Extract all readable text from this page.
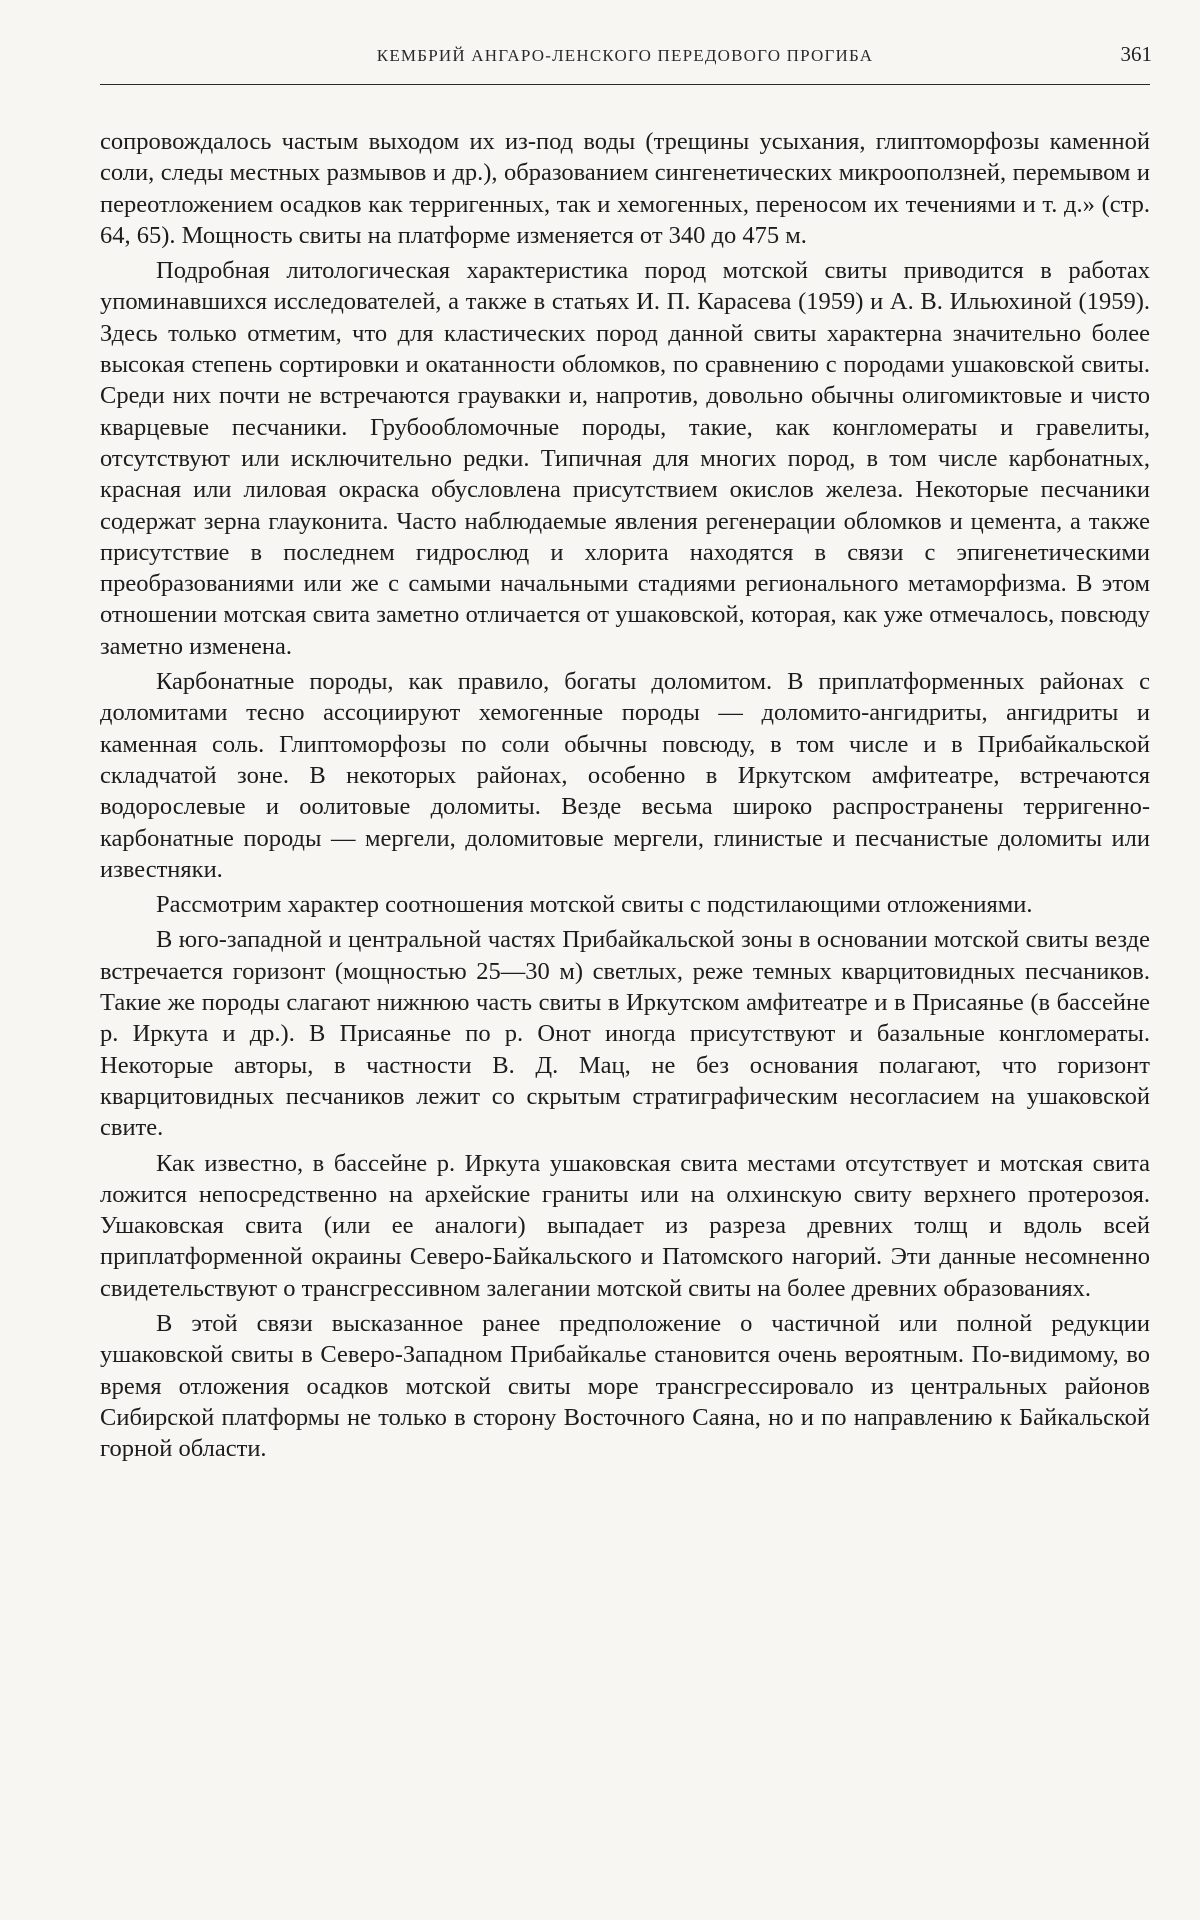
КЕМБРИЙ АНГАРО-ЛЕНСКОГО ПЕРЕДОВОГО ПРОГИБА	361

сопровождалось частым выходом их из-под воды (трещины усыхания, глиптоморфозы каменной соли, следы местных размывов и др.), образованием сингенетических микрооползней, перемывом и переотложением осадков как терригенных, так и хемогенных, переносом их течениями и т. д.» (стр. 64, 65). Мощность свиты на платформе изменяется от 340 до 475 м.

Подробная литологическая характеристика пород мотской свиты приводится в работах упоминавшихся исследователей, а также в статьях И. П. Карасева (1959) и А. В. Ильюхиной (1959). Здесь только отметим, что для кластических пород данной свиты характерна значительно более высокая степень сортировки и окатанности обломков, по сравнению с породами ушаковской свиты. Среди них почти не встречаются граувакки и, напротив, довольно обычны олигомиктовые и чисто кварцевые песчаники. Грубообломочные породы, такие, как конгломераты и гравелиты, отсутствуют или исключительно редки. Типичная для многих пород, в том числе карбонатных, красная или лиловая окраска обусловлена присутствием окислов железа. Некоторые песчаники содержат зерна глауконита. Часто наблюдаемые явления регенерации обломков и цемента, а также присутствие в последнем гидрослюд и хлорита находятся в связи с эпигенетическими преобразованиями или же с самыми начальными стадиями регионального метаморфизма. В этом отношении мотская свита заметно отличается от ушаковской, которая, как уже отмечалось, повсюду заметно изменена.

Карбонатные породы, как правило, богаты доломитом. В приплатформенных районах с доломитами тесно ассоциируют хемогенные породы — доломито-ангидриты, ангидриты и каменная соль. Глиптоморфозы по соли обычны повсюду, в том числе и в Прибайкальской складчатой зоне. В некоторых районах, особенно в Иркутском амфитеатре, встречаются водорослевые и оолитовые доломиты. Везде весьма широко распространены терригенно-карбонатные породы — мергели, доломитовые мергели, глинистые и песчанистые доломиты или известняки.

Рассмотрим характер соотношения мотской свиты с подстилающими отложениями.

В юго-западной и центральной частях Прибайкальской зоны в основании мотской свиты везде встречается горизонт (мощностью 25—30 м) светлых, реже темных кварцитовидных песчаников. Такие же породы слагают нижнюю часть свиты в Иркутском амфитеатре и в Присаянье (в бассейне р. Иркута и др.). В Присаянье по р. Онот иногда присутствуют и базальные конгломераты. Некоторые авторы, в частности В. Д. Мац, не без основания полагают, что горизонт кварцитовидных песчаников лежит со скрытым стратиграфическим несогласием на ушаковской свите.

Как известно, в бассейне р. Иркута ушаковская свита местами отсутствует и мотская свита ложится непосредственно на архейские граниты или на олхинскую свиту верхнего протерозоя. Ушаковская свита (или ее аналоги) выпадает из разреза древних толщ и вдоль всей приплатформенной окраины Северо-Байкальского и Патомского нагорий. Эти данные несомненно свидетельствуют о трансгрессивном залегании мотской свиты на более древних образованиях.

В этой связи высказанное ранее предположение о частичной или полной редукции ушаковской свиты в Северо-Западном Прибайкалье становится очень вероятным. По-видимому, во время отложения осадков мотской свиты море трансгрессировало из центральных районов Сибирской платформы не только в сторону Восточного Саяна, но и по направлению к Байкальской горной области.
